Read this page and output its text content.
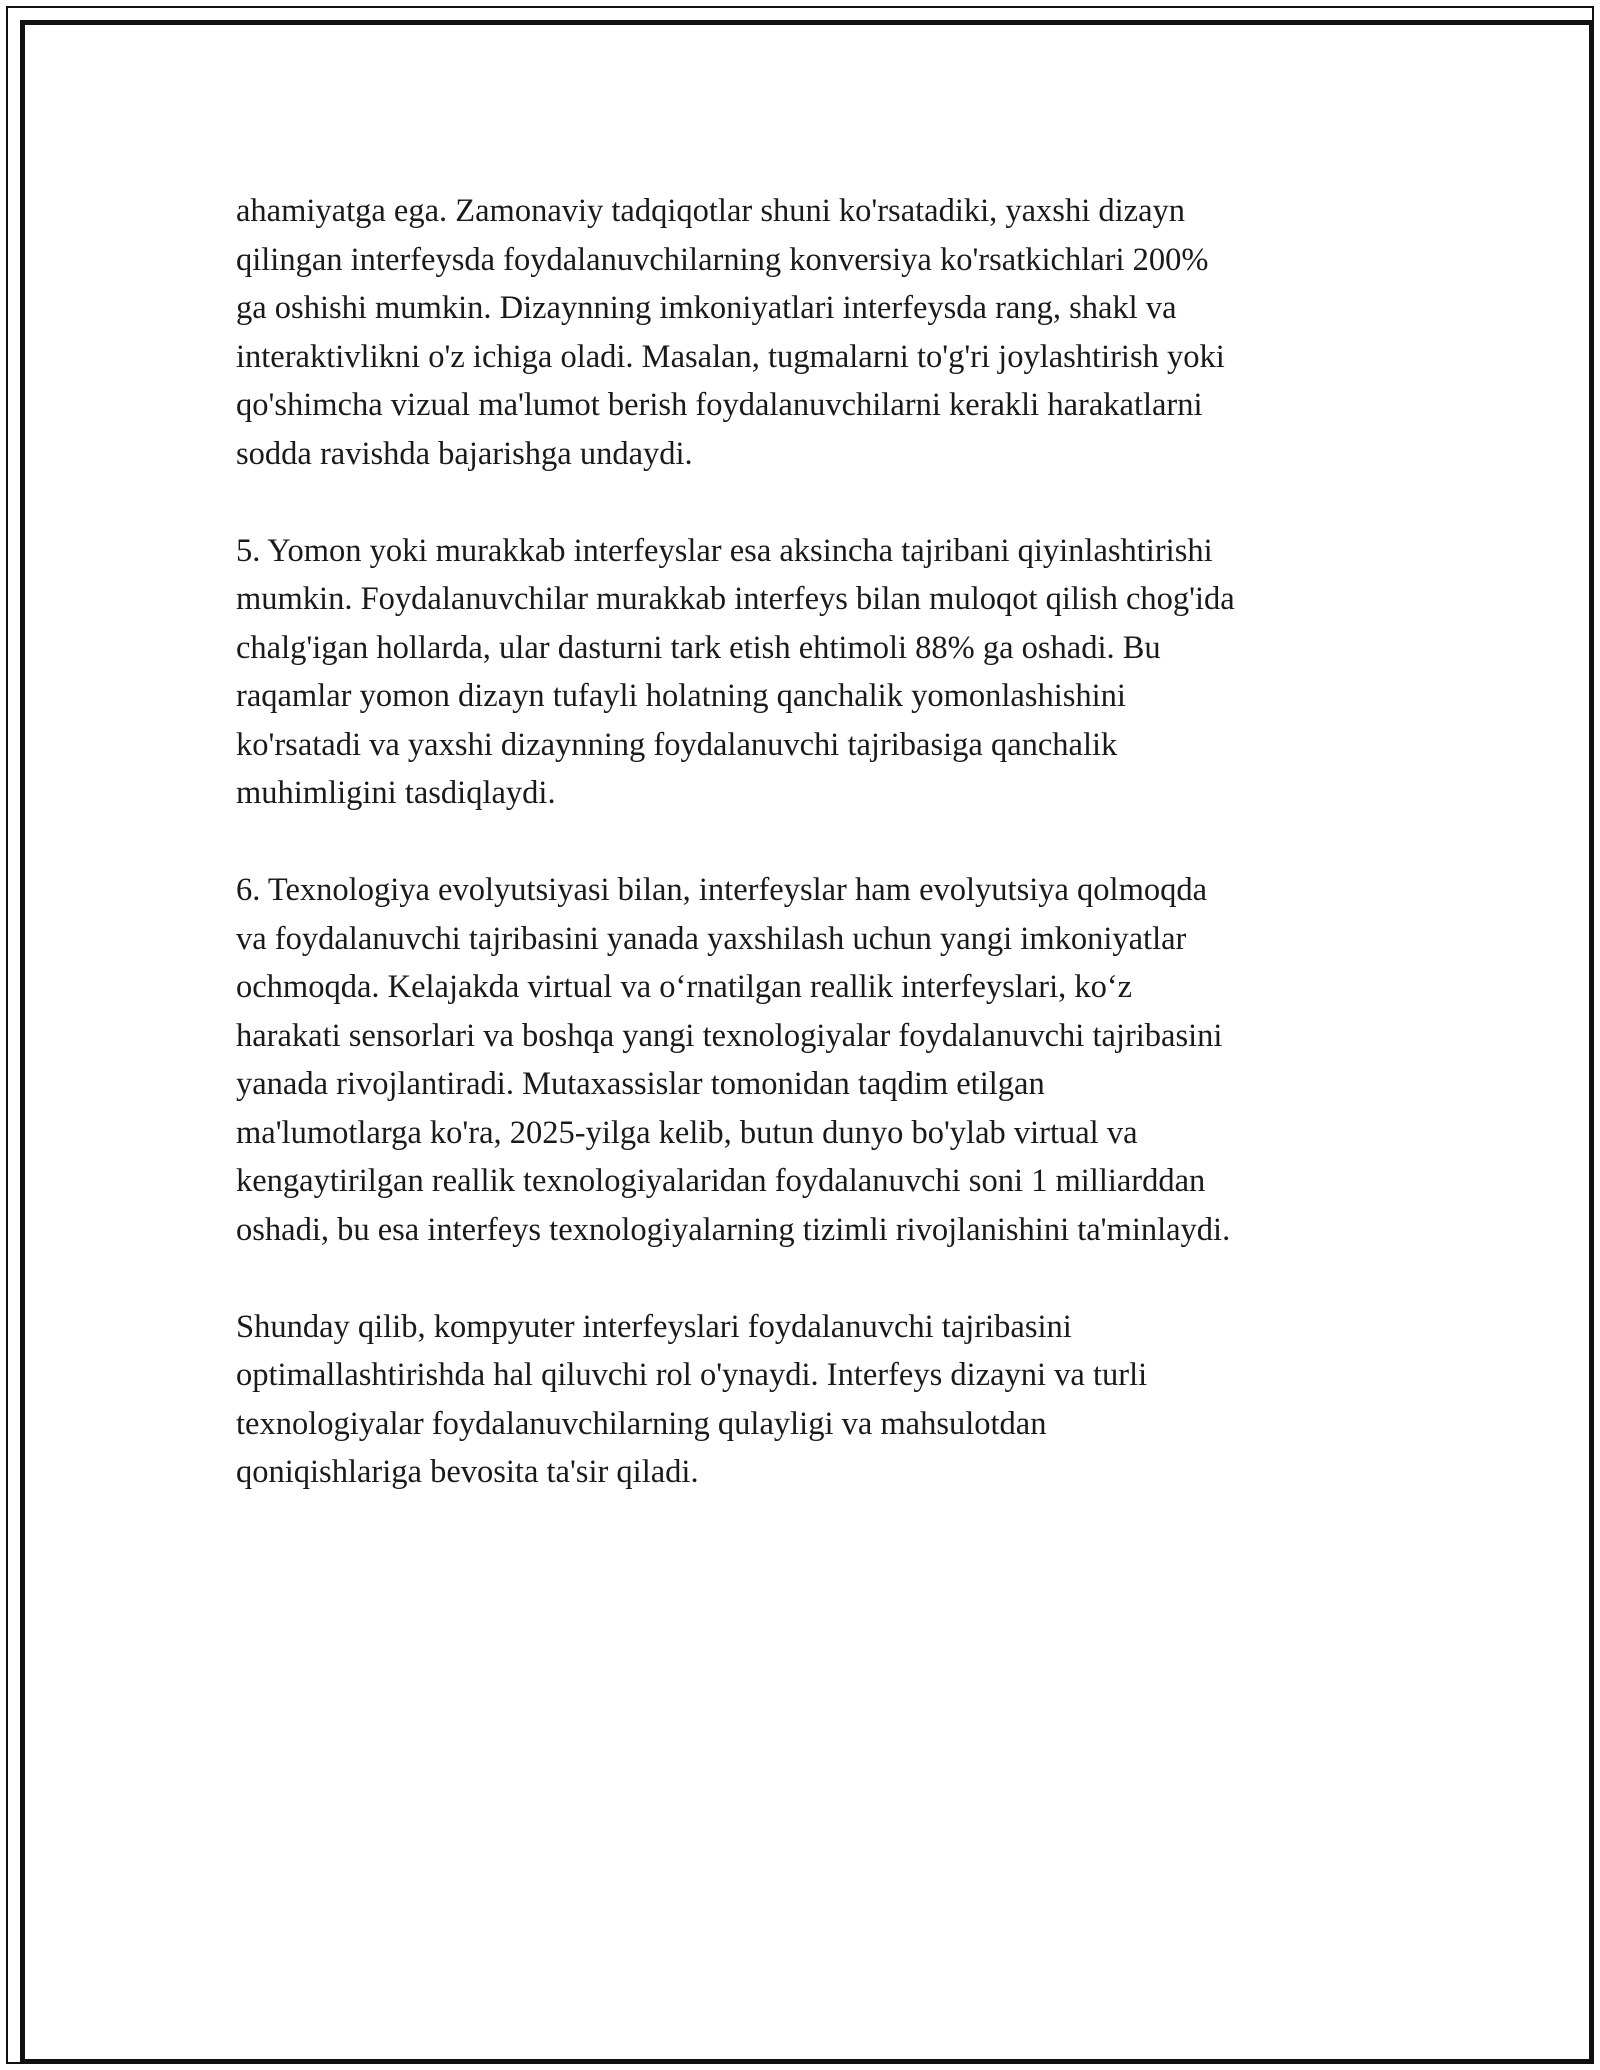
ahamiyatga ega. Zamonaviy tadqiqotlar shuni ko'rsatadiki, yaxshi dizayn
qilingan interfeysda foydalanuvchilarning konversiya ko'rsatkichlari 200%
ga oshishi mumkin. Dizaynning imkoniyatlari interfeysda rang, shakl va
interaktivlikni o'z ichiga oladi. Masalan, tugmalarni to'g'ri joylashtirish yoki
qo'shimcha vizual ma'lumot berish foydalanuvchilarni kerakli harakatlarni
sodda ravishda bajarishga undaydi.

5. Yomon yoki murakkab interfeyslar esa aksincha tajribani qiyinlashtirishi
mumkin. Foydalanuvchilar murakkab interfeys bilan muloqot qilish chog'ida
chalg'igan hollarda, ular dasturni tark etish ehtimoli 88% ga oshadi. Bu
raqamlar yomon dizayn tufayli holatning qanchalik yomonlashishini
ko'rsatadi va yaxshi dizaynning foydalanuvchi tajribasiga qanchalik
muhimligini tasdiqlaydi.

6. Texnologiya evolyutsiyasi bilan, interfeyslar ham evolyutsiya qolmoqda
va foydalanuvchi tajribasini yanada yaxshilash uchun yangi imkoniyatlar
ochmoqda. Kelajakda virtual va o‘rnatilgan reallik interfeyslari, ko‘z
harakati sensorlari va boshqa yangi texnologiyalar foydalanuvchi tajribasini
yanada rivojlantiradi. Mutaxassislar tomonidan taqdim etilgan
ma'lumotlarga ko'ra, 2025-yilga kelib, butun dunyo bo'ylab virtual va
kengaytirilgan reallik texnologiyalaridan foydalanuvchi soni 1 milliarddan
oshadi, bu esa interfeys texnologiyalarning tizimli rivojlanishini ta'minlaydi.

Shunday qilib, kompyuter interfeyslari foydalanuvchi tajribasini
optimallashtirishda hal qiluvchi rol o'ynaydi. Interfeys dizayni va turli
texnologiyalar foydalanuvchilarning qulayligi va mahsulotdan
qoniqishlariga bevosita ta'sir qiladi.
